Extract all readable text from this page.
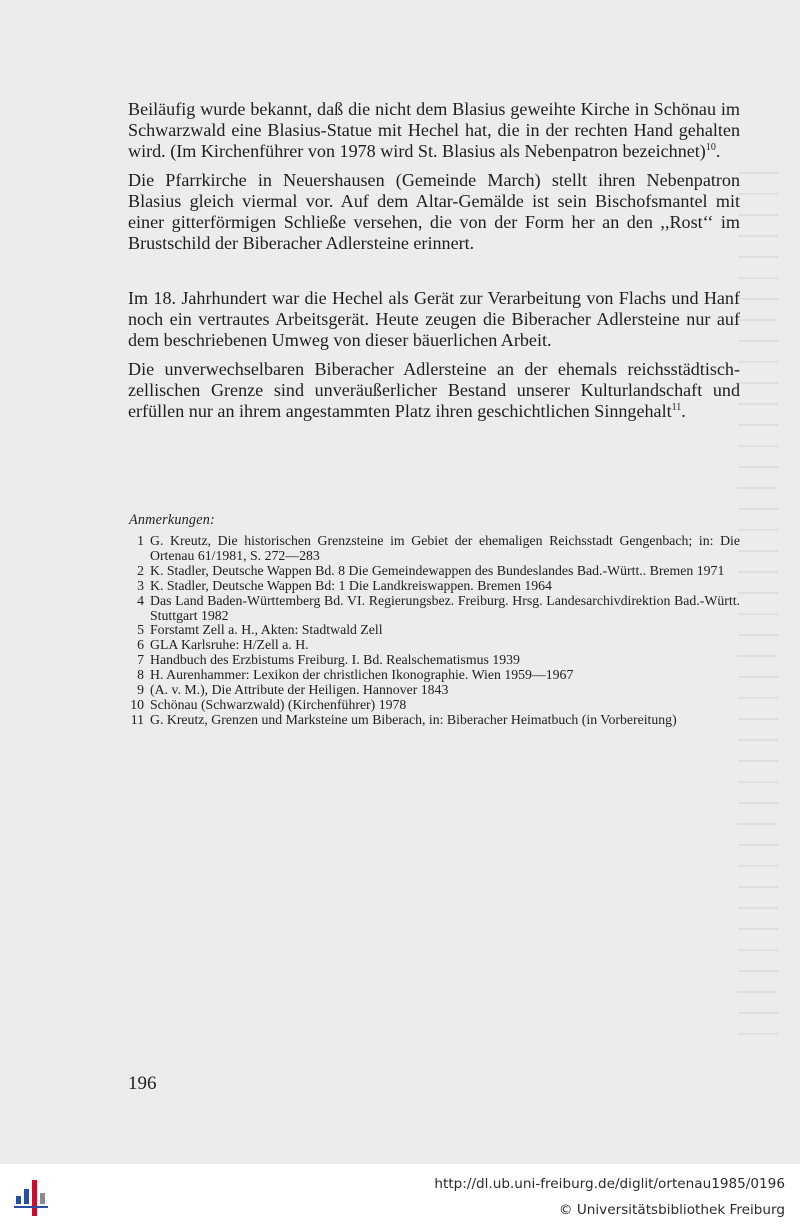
Beiläufig wurde bekannt, daß die nicht dem Blasius geweihte Kirche in Schönau im Schwarzwald eine Blasius-Statue mit Hechel hat, die in der rechten Hand gehalten wird. (Im Kirchenführer von 1978 wird St. Blasius als Nebenpatron bezeichnet)$^{10}$.

Die Pfarrkirche in Neuershausen (Gemeinde March) stellt ihren Nebenpatron Blasius gleich viermal vor. Auf dem Altar-Gemälde ist sein Bischofsmantel mit einer gitterförmigen Schließe versehen, die von der Form her an den ,,Rost‘‘ im Brustschild der Biberacher Adlersteine erinnert.

Im 18. Jahrhundert war die Hechel als Gerät zur Verarbeitung von Flachs und Hanf noch ein vertrautes Arbeitsgerät. Heute zeugen die Biberacher Adlersteine nur auf dem beschriebenen Umweg von dieser bäuerlichen Arbeit.

Die unverwechselbaren Biberacher Adlersteine an der ehemals reichsstädtisch-zellischen Grenze sind unveräußerlicher Bestand unserer Kulturlandschaft und erfüllen nur an ihrem angestammten Platz ihren geschichtlichen Sinngehalt$^{11}$.

Anmerkungen:

1 G. Kreutz, Die historischen Grenzsteine im Gebiet der ehemaligen Reichsstadt Gengenbach; in: Die Ortenau 61/1981, S. 272—283
2 K. Stadler, Deutsche Wappen Bd. 8 Die Gemeindewappen des Bundeslandes Bad.-Württ.. Bremen 1971
3 K. Stadler, Deutsche Wappen Bd: 1 Die Landkreiswappen. Bremen 1964
4 Das Land Baden-Württemberg Bd. VI. Regierungsbez. Freiburg. Hrsg. Landesarchivdirektion Bad.-Württ. Stuttgart 1982
5 Forstamt Zell a. H., Akten: Stadtwald Zell
6 GLA Karlsruhe: H/Zell a. H.
7 Handbuch des Erzbistums Freiburg. I. Bd. Realschematismus 1939
8 H. Aurenhammer: Lexikon der christlichen Ikonographie. Wien 1959—1967
9 (A. v. M.), Die Attribute der Heiligen. Hannover 1843
10 Schönau (Schwarzwald) (Kirchenführer) 1978
11 G. Kreutz, Grenzen und Marksteine um Biberach, in: Biberacher Heimatbuch (in Vorbereitung)

196

http://dl.ub.uni-freiburg.de/diglit/ortenau1985/0196

© Universitätsbibliothek Freiburg
